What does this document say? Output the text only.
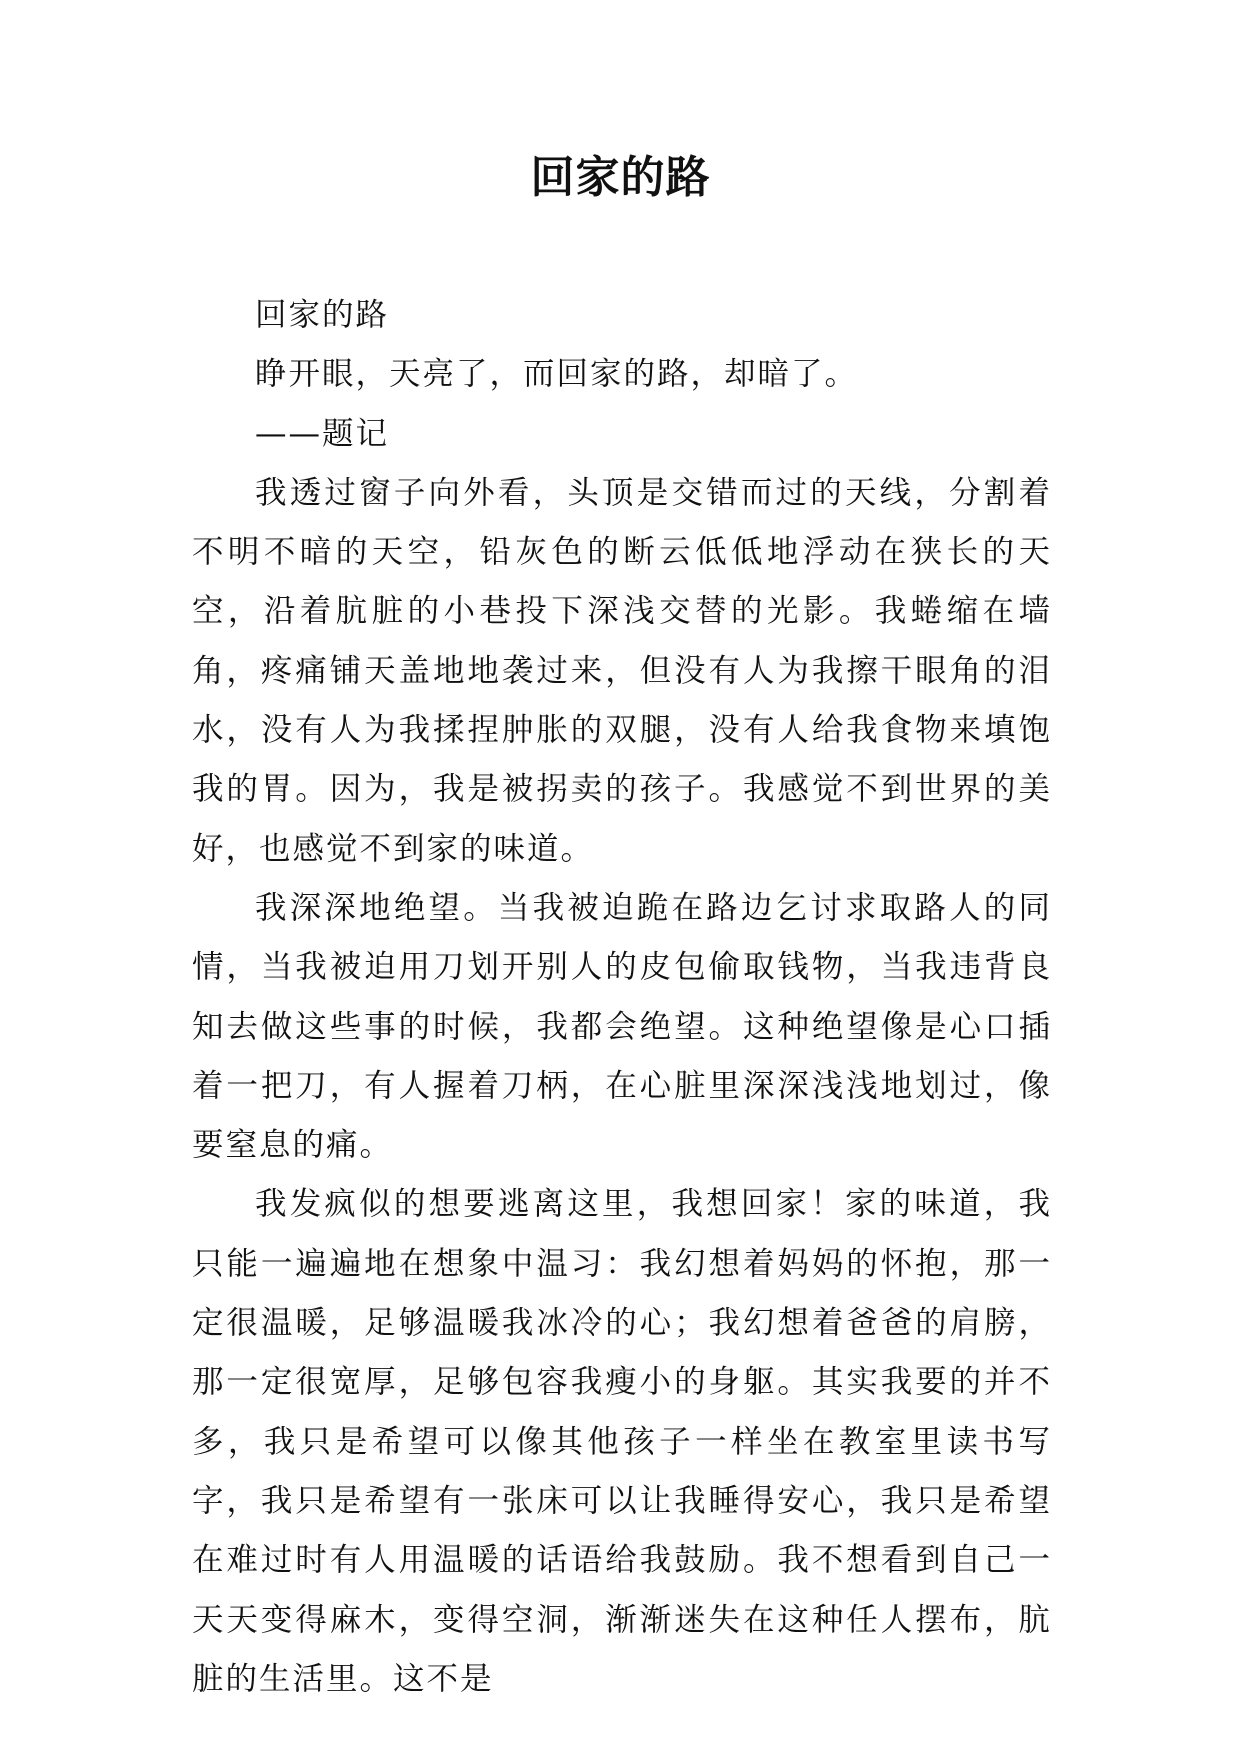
回家的路

回家的路

睁开眼，天亮了，而回家的路，却暗了。

——题记

我透过窗子向外看，头顶是交错而过的天线，分割着不明不暗的天空，铅灰色的断云低低地浮动在狭长的天空，沿着肮脏的小巷投下深浅交替的光影。我蜷缩在墙角，疼痛铺天盖地地袭过来，但没有人为我擦干眼角的泪水，没有人为我揉捏肿胀的双腿，没有人给我食物来填饱我的胃。因为，我是被拐卖的孩子。我感觉不到世界的美好，也感觉不到家的味道。

我深深地绝望。当我被迫跪在路边乞讨求取路人的同情，当我被迫用刀划开别人的皮包偷取钱物，当我违背良知去做这些事的时候，我都会绝望。这种绝望像是心口插着一把刀，有人握着刀柄，在心脏里深深浅浅地划过，像要窒息的痛。

我发疯似的想要逃离这里，我想回家！家的味道，我只能一遍遍地在想象中温习：我幻想着妈妈的怀抱，那一定很温暖，足够温暖我冰冷的心；我幻想着爸爸的肩膀，那一定很宽厚，足够包容我瘦小的身躯。其实我要的并不多，我只是希望可以像其他孩子一样坐在教室里读书写字，我只是希望有一张床可以让我睡得安心，我只是希望在难过时有人用温暖的话语给我鼓励。我不想看到自己一天天变得麻木，变得空洞，渐渐迷失在这种任人摆布，肮脏的生活里。这不是
